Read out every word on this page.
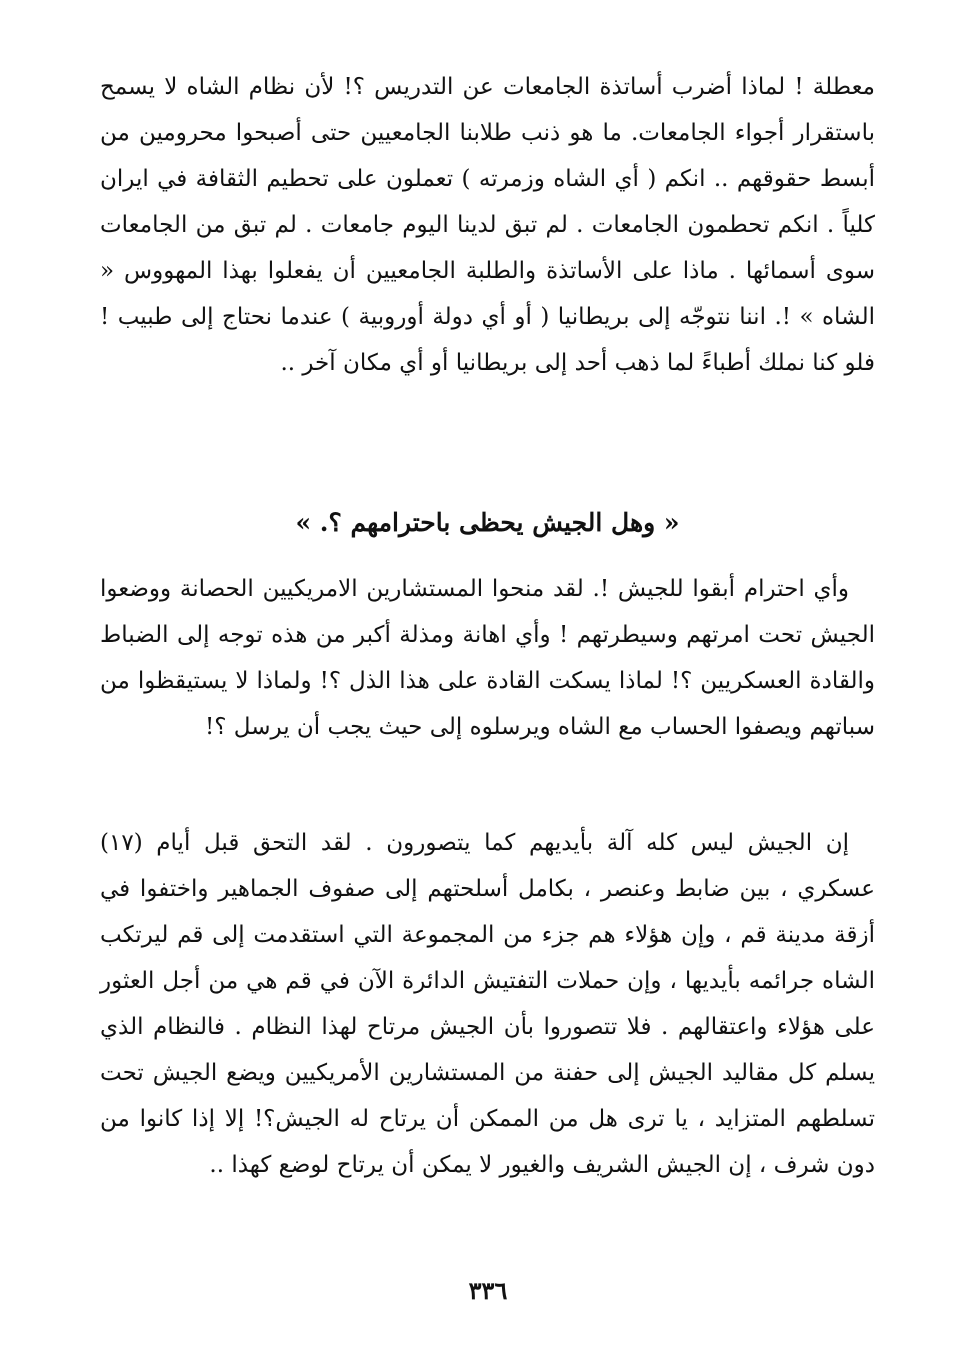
معطلة ! لماذا أضرب أساتذة الجامعات عن التدريس ؟! لأن نظام الشاه لا يسمح باستقرار أجواء الجامعات. ما هو ذنب طلابنا الجامعيين حتى أصبحوا محرومين من أبسط حقوقهم .. انكم ( أي الشاه وزمرته ) تعملون على تحطيم الثقافة في ايران كلياً . انكم تحطمون الجامعات . لم تبق لدينا اليوم جامعات . لم تبق من الجامعات سوى أسمائها . ماذا على الأساتذة والطلبة الجامعيين أن يفعلوا بهذا المهووس « الشاه » !. اننا نتوجّه إلى بريطانيا ( أو أي دولة أوروبية ) عندما نحتاج إلى طبيب ! فلو كنا نملك أطباءً لما ذهب أحد إلى بريطانيا أو أي مكان آخر ..

« وهل الجيش يحظى باحترامهم ؟. »

وأي احترام أبقوا للجيش !. لقد منحوا المستشارين الامريكيين الحصانة ووضعوا الجيش تحت امرتهم وسيطرتهم ! وأي اهانة ومذلة أكبر من هذه توجه إلى الضباط والقادة العسكريين ؟! لماذا يسكت القادة على هذا الذل ؟! ولماذا لا يستيقظوا من سباتهم ويصفوا الحساب مع الشاه ويرسلوه إلى حيث يجب أن يرسل ؟!

إن الجيش ليس كله آلة بأيديهم كما يتصورون . لقد التحق قبل أيام (١٧) عسكري ، بين ضابط وعنصر ، بكامل أسلحتهم إلى صفوف الجماهير واختفوا في أزقة مدينة قم ، وإن هؤلاء هم جزء من المجموعة التي استقدمت إلى قم ليرتكب الشاه جرائمه بأيديها ، وإن حملات التفتيش الدائرة الآن في قم هي من أجل العثور على هؤلاء واعتقالهم . فلا تتصوروا بأن الجيش مرتاح لهذا النظام . فالنظام الذي يسلم كل مقاليد الجيش إلى حفنة من المستشارين الأمريكيين ويضع الجيش تحت تسلطهم المتزايد ، يا ترى هل من الممكن أن يرتاح له الجيش؟! إلا إذا كانوا من دون شرف ، إن الجيش الشريف والغيور لا يمكن أن يرتاح لوضع كهذا ..

٣٣٦
